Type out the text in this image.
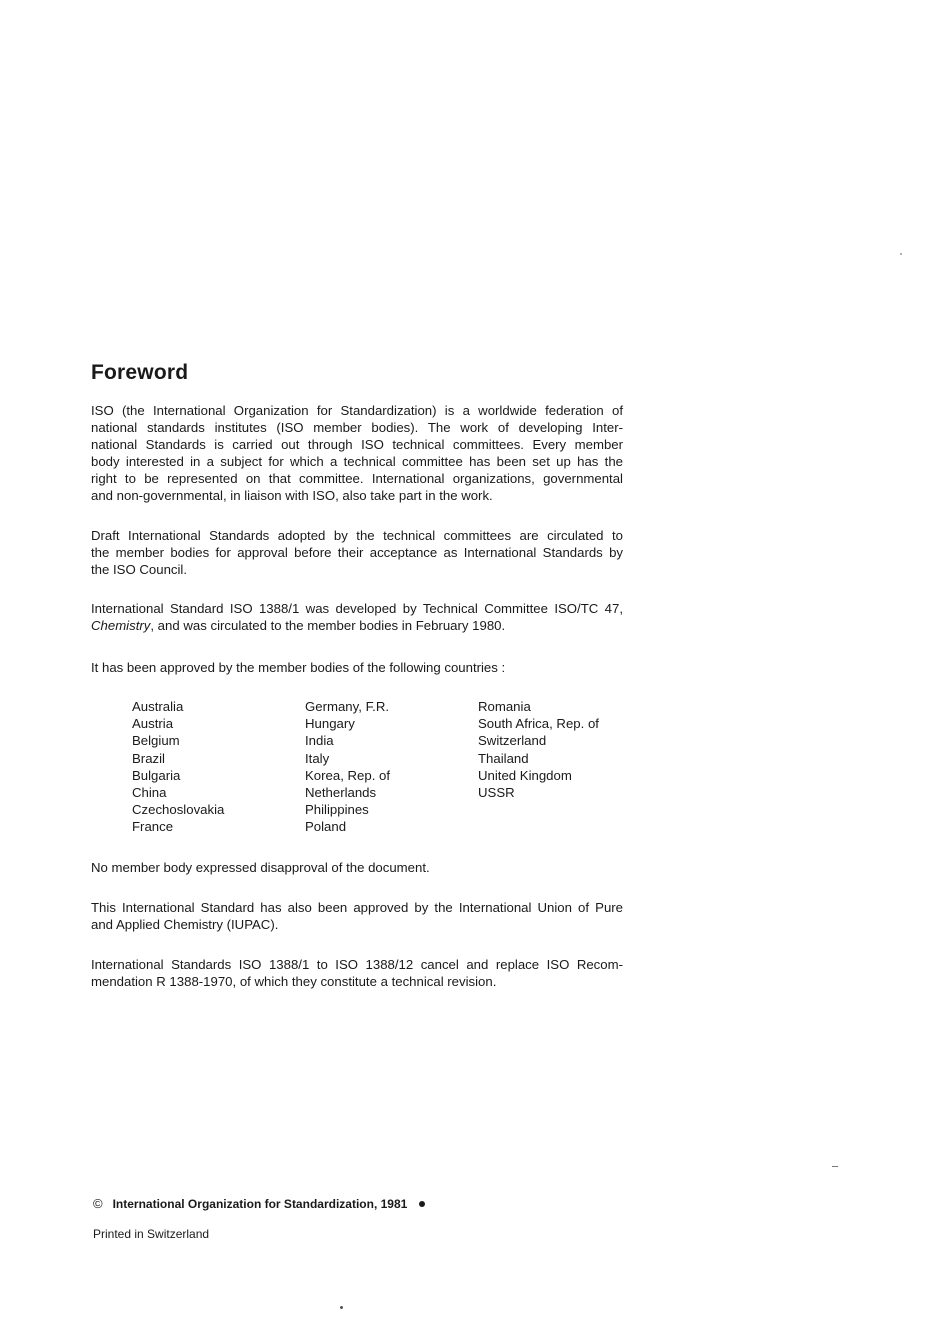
Foreword

ISO (the International Organization for Standardization) is a worldwide federation of
national standards institutes (ISO member bodies). The work of developing Inter-
national Standards is carried out through ISO technical committees. Every member
body interested in a subject for which a technical committee has been set up has the
right to be represented on that committee. International organizations, governmental
and non-governmental, in liaison with ISO, also take part in the work.

Draft International Standards adopted by the technical committees are circulated to
the member bodies for approval before their acceptance as International Standards by
the ISO Council.

International Standard ISO 1388/1 was developed by Technical Committee ISO/TC 47,
Chemistry, and was circulated to the member bodies in February 1980.

It has been approved by the member bodies of the following countries :

Australia
Austria
Belgium
Brazil
Bulgaria
China
Czechoslovakia
France
Germany, F.R.
Hungary
India
Italy
Korea, Rep. of
Netherlands
Philippines
Poland
Romania
South Africa, Rep. of
Switzerland
Thailand
United Kingdom
USSR

No member body expressed disapproval of the document.

This International Standard has also been approved by the International Union of Pure
and Applied Chemistry (IUPAC).

International Standards ISO 1388/1 to ISO 1388/12 cancel and replace ISO Recom-
mendation R 1388-1970, of which they constitute a technical revision.

© International Organization for Standardization, 1981
Printed in Switzerland
